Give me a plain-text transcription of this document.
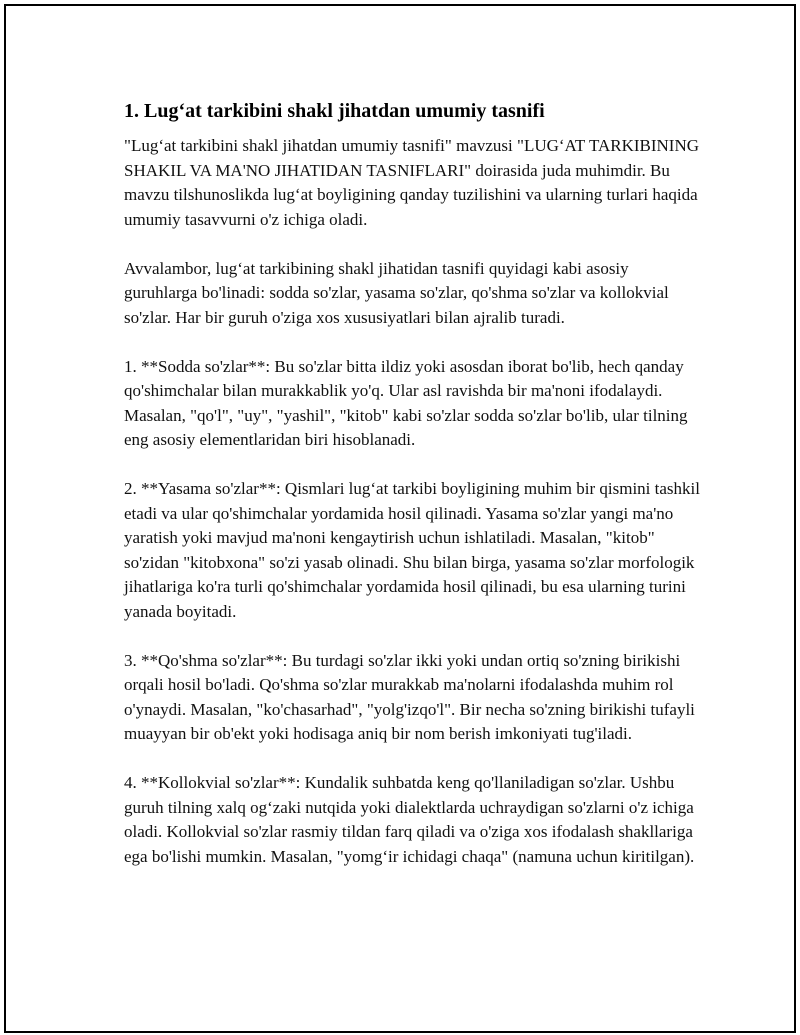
1. Lug‘at tarkibini shakl jihatdan umumiy tasnifi

"Lug‘at tarkibini shakl jihatdan umumiy tasnifi" mavzusi "LUG‘AT TARKIBINING SHAKIL VA MA'NO JIHATIDAN TASNIFLARI" doirasida juda muhimdir. Bu mavzu tilshunoslikda lug‘at boyligining qanday tuzilishini va ularning turlari haqida umumiy tasavvurni o'z ichiga oladi.

Avvalambor, lug‘at tarkibining shakl jihatidan tasnifi quyidagi kabi asosiy guruhlarga bo'linadi: sodda so'zlar, yasama so'zlar, qo'shma so'zlar va kollokvial so'zlar. Har bir guruh o'ziga xos xususiyatlari bilan ajralib turadi.

1. **Sodda so'zlar**: Bu so'zlar bitta ildiz yoki asosdan iborat bo'lib, hech qanday qo'shimchalar bilan murakkablik yo'q. Ular asl ravishda bir ma'noni ifodalaydi. Masalan, "qo'l", "uy", "yashil", "kitob" kabi so'zlar sodda so'zlar bo'lib, ular tilning eng asosiy elementlaridan biri hisoblanadi.

2. **Yasama so'zlar**: Qismlari lug‘at tarkibi boyligining muhim bir qismini tashkil etadi va ular qo'shimchalar yordamida hosil qilinadi. Yasama so'zlar yangi ma'no yaratish yoki mavjud ma'noni kengaytirish uchun ishlatiladi. Masalan, "kitob" so'zidan "kitobxona" so'zi yasab olinadi. Shu bilan birga, yasama so'zlar morfologik jihatlariga ko'ra turli qo'shimchalar yordamida hosil qilinadi, bu esa ularning turini yanada boyitadi.

3. **Qo'shma so'zlar**: Bu turdagi so'zlar ikki yoki undan ortiq so'zning birikishi orqali hosil bo'ladi. Qo'shma so'zlar murakkab ma'nolarni ifodalashda muhim rol o'ynaydi. Masalan, "ko'chasarhad", "yolg'izqo'l". Bir necha so'zning birikishi tufayli muayyan bir ob'ekt yoki hodisaga aniq bir nom berish imkoniyati tug'iladi.

4. **Kollokvial so'zlar**: Kundalik suhbatda keng qo'llaniladigan so'zlar. Ushbu guruh tilning xalq og‘zaki nutqida yoki dialektlarda uchraydigan so'zlarni o'z ichiga oladi. Kollokvial so'zlar rasmiy tildan farq qiladi va o'ziga xos ifodalash shakllariga ega bo'lishi mumkin. Masalan, "yomg‘ir ichidagi chaqa" (namuna uchun kiritilgan).
